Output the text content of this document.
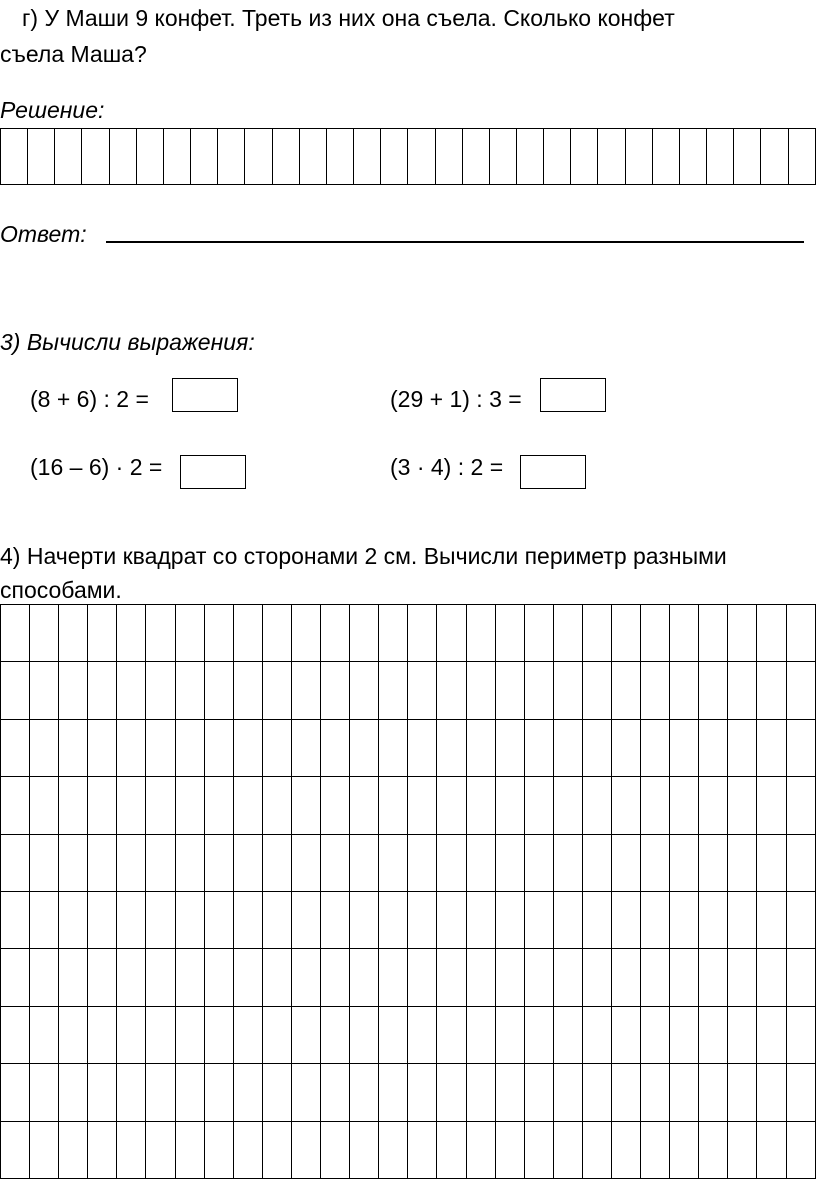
г) У Маши 9 конфет. Треть из них она съела. Сколько конфет
съела Маша?
Решение:

Ответ:
3) Вычисли выражения:
(8 + 6) : 2 =	(29 + 1) : 3 =
(16 – 6) · 2 =	(3 · 4) : 2 =
4) Начерти квадрат со сторонами 2 см. Вычисли периметр разными
способами.
